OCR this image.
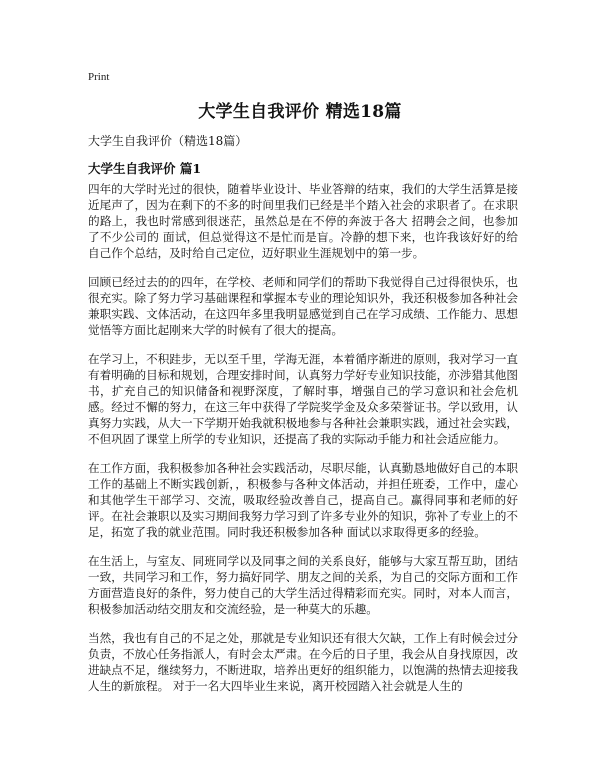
Print
大学生自我评价 精选18篇

大学生自我评价（精选18篇）

大学生自我评价 篇1

四年的大学时光过的很快，随着毕业设计、毕业答辩的结束，我们的大学生活算是接近尾声了，因为在剩下的不多的时间里我们已经是半个踏入社会的求职者了。在求职的路上，我也时常感到很迷茫，虽然总是在不停的奔波于各大 招聘会之间，也参加了不少公司的 面试，但总觉得这不是忙而是盲。冷静的想下来，也许我该好好的给自己作个总结，及时给自己定位，迈好职业生涯规划中的第一步。

回顾已经过去的的四年，在学校、老师和同学们的帮助下我觉得自己过得很快乐，也很充实。除了努力学习基础课程和掌握本专业的理论知识外，我还积极参加各种社会兼职实践、文体活动，在这四年多里我明显感觉到自己在学习成绩、工作能力、思想觉悟等方面比起刚来大学的时候有了很大的提高。

在学习上，不积跬步，无以至千里，学海无涯，本着循序渐进的原则，我对学习一直有着明确的目标和规划，合理安排时间，认真努力学好专业知识技能，亦涉猎其他图书，扩充自己的知识储备和视野深度，了解时事，增强自己的学习意识和社会危机感。经过不懈的努力，在这三年中获得了学院奖学金及众多荣誉证书。学以致用，认真努力实践，从大一下学期开始我就积极地参与各种社会兼职实践，通过社会实践，不但巩固了课堂上所学的专业知识，还提高了我的实际动手能力和社会适应能力。

在工作方面，我积极参加各种社会实践活动，尽职尽能，认真勤恳地做好自己的本职工作的基础上不断实践创新，，积极参与各种文体活动，并担任班委，工作中，虚心和其他学生干部学习、交流，吸取经验改善自己，提高自己。赢得同事和老师的好评。在社会兼职以及实习期间我努力学习到了许多专业外的知识，弥补了专业上的不足，拓宽了我的就业范围。同时我还积极参加各种 面试以求取得更多的经验。

在生活上，与室友、同班同学以及同事之间的关系良好，能够与大家互帮互助，团结一致，共同学习和工作，努力搞好同学、朋友之间的关系，为自己的交际方面和工作方面营造良好的条件，努力使自己的大学生活过得精彩而充实。同时，对本人而言，积极参加活动结交朋友和交流经验，是一种莫大的乐趣。

当然，我也有自己的不足之处，那就是专业知识还有很大欠缺，工作上有时候会过分负责，不放心任务指派人，有时会太严肃。在今后的日子里，我会从自身找原因，改进缺点不足，继续努力，不断进取，培养出更好的组织能力，以饱满的热情去迎接我人生的新旅程。 对于一名大四毕业生来说，离开校园踏入社会就是人生的
